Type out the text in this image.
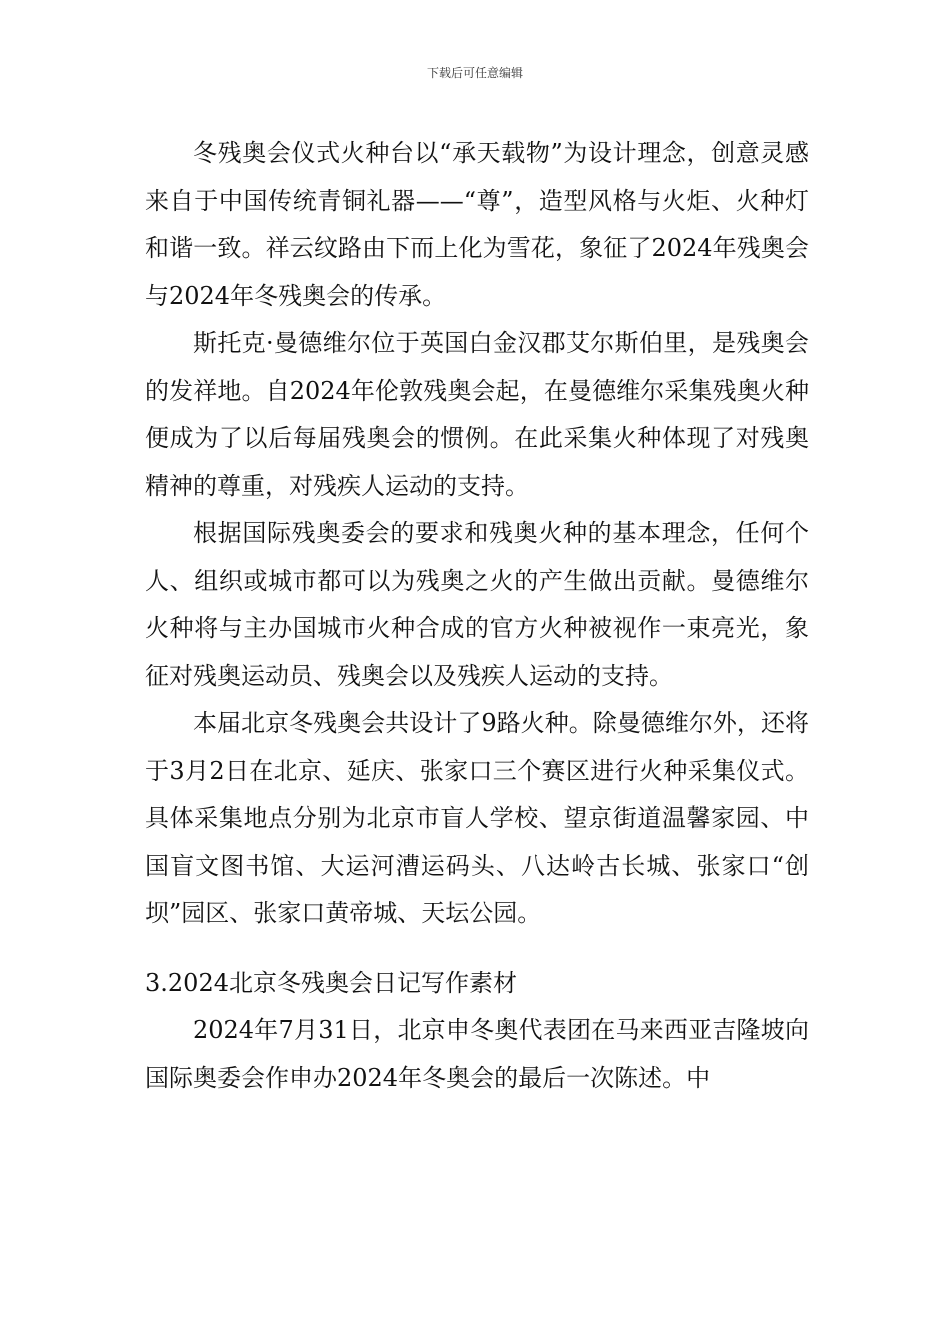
下载后可任意编辑

冬残奥会仪式火种台以“承天载物”为设计理念，创意灵感来自于中国传统青铜礼器——“尊”，造型风格与火炬、火种灯和谐一致。祥云纹路由下而上化为雪花，象征了2024年残奥会与2024年冬残奥会的传承。

斯托克·曼德维尔位于英国白金汉郡艾尔斯伯里，是残奥会的发祥地。自2024年伦敦残奥会起，在曼德维尔采集残奥火种便成为了以后每届残奥会的惯例。在此采集火种体现了对残奥精神的尊重，对残疾人运动的支持。

根据国际残奥委会的要求和残奥火种的基本理念，任何个人、组织或城市都可以为残奥之火的产生做出贡献。曼德维尔火种将与主办国城市火种合成的官方火种被视作一束亮光，象征对残奥运动员、残奥会以及残疾人运动的支持。

本届北京冬残奥会共设计了9路火种。除曼德维尔外，还将于3月2日在北京、延庆、张家口三个赛区进行火种采集仪式。具体采集地点分别为北京市盲人学校、望京街道温馨家园、中国盲文图书馆、大运河漕运码头、八达岭古长城、张家口“创坝”园区、张家口黄帝城、天坛公园。

3.2024北京冬残奥会日记写作素材

2024年7月31日，北京申冬奥代表团在马来西亚吉隆坡向国际奥委会作申办2024年冬奥会的最后一次陈述。中
